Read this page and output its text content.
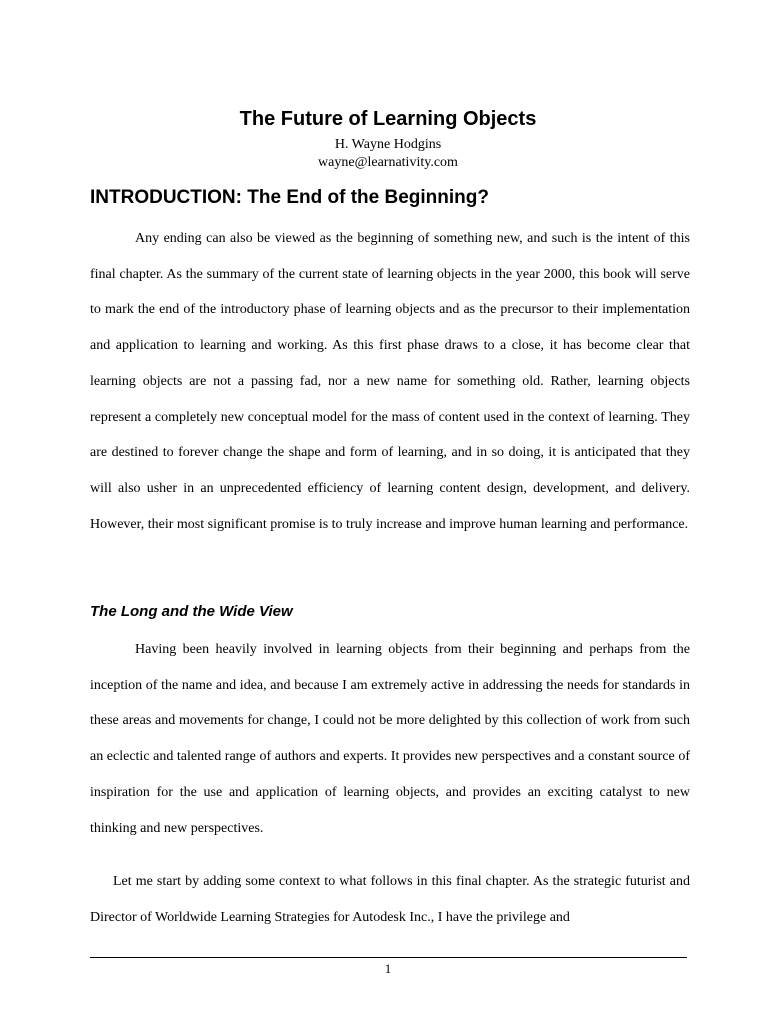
The Future of Learning Objects

H. Wayne Hodgins

wayne@learnativity.com

INTRODUCTION: The End of the Beginning?

Any ending can also be viewed as the beginning of something new, and such is the intent of this final chapter. As the summary of the current state of learning objects in the year 2000, this book will serve to mark the end of the introductory phase of learning objects and as the precursor to their implementation and application to learning and working. As this first phase draws to a close, it has become clear that learning objects are not a passing fad, nor a new name for something old. Rather, learning objects represent a completely new conceptual model for the mass of content used in the context of learning. They are destined to forever change the shape and form of learning, and in so doing, it is anticipated that they will also usher in an unprecedented efficiency of learning content design, development, and delivery. However, their most significant promise is to truly increase and improve human learning and performance.

The Long and the Wide View

Having been heavily involved in learning objects from their beginning and perhaps from the inception of the name and idea, and because I am extremely active in addressing the needs for standards in these areas and movements for change, I could not be more delighted by this collection of work from such an eclectic and talented range of authors and experts. It provides new perspectives and a constant source of inspiration for the use and application of learning objects, and provides an exciting catalyst to new thinking and new perspectives.

Let me start by adding some context to what follows in this final chapter. As the strategic futurist and Director of Worldwide Learning Strategies for Autodesk Inc., I have the privilege and

1
